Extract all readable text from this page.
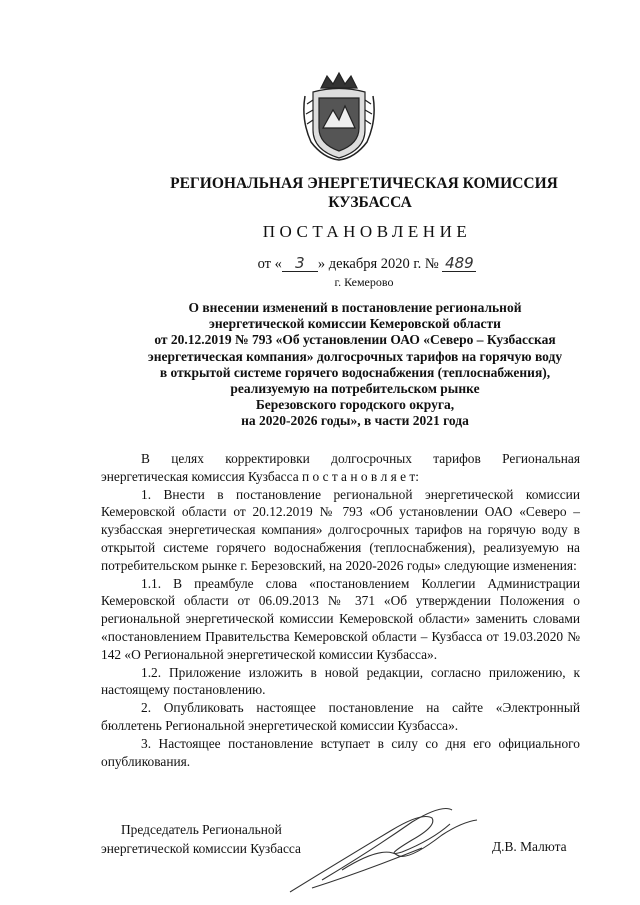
РЕГИОНАЛЬНАЯ ЭНЕРГЕТИЧЕСКАЯ КОМИССИЯ
КУЗБАССА
ПОСТАНОВЛЕНИЕ
от « 3 » декабря 2020 г. № 489
г. Кемерово
О внесении изменений в постановление региональной
энергетической комиссии Кемеровской области
от 20.12.2019 № 793 «Об установлении ОАО «Северо – Кузбасская
энергетическая компания» долгосрочных тарифов на горячую воду
в открытой системе горячего водоснабжения (теплоснабжения),
реализуемую на потребительском рынке
Березовского городского округа,
на 2020-2026 годы», в части 2021 года

В целях корректировки долгосрочных тарифов Региональная энергетическая комиссия Кузбасса п о с т а н о в л я е т:

1. Внести в постановление региональной энергетической комиссии Кемеровской области от 20.12.2019 № 793 «Об установлении ОАО «Северо – кузбасская энергетическая компания» долгосрочных тарифов на горячую воду в открытой системе горячего водоснабжения (теплоснабжения), реализуемую на потребительском рынке г. Березовский, на 2020-2026 годы» следующие изменения:

1.1. В преамбуле слова «постановлением Коллегии Администрации Кемеровской области от 06.09.2013 № 371 «Об утверждении Положения о региональной энергетической комиссии Кемеровской области» заменить словами «постановлением Правительства Кемеровской области – Кузбасса от 19.03.2020 № 142 «О Региональной энергетической комиссии Кузбасса».

1.2. Приложение изложить в новой редакции, согласно приложению, к настоящему постановлению.

2. Опубликовать настоящее постановление на сайте «Электронный бюллетень Региональной энергетической комиссии Кузбасса».

3. Настоящее постановление вступает в силу со дня его официального опубликования.

Председатель Региональной
энергетической комиссии Кузбасса	Д.В. Малюта
